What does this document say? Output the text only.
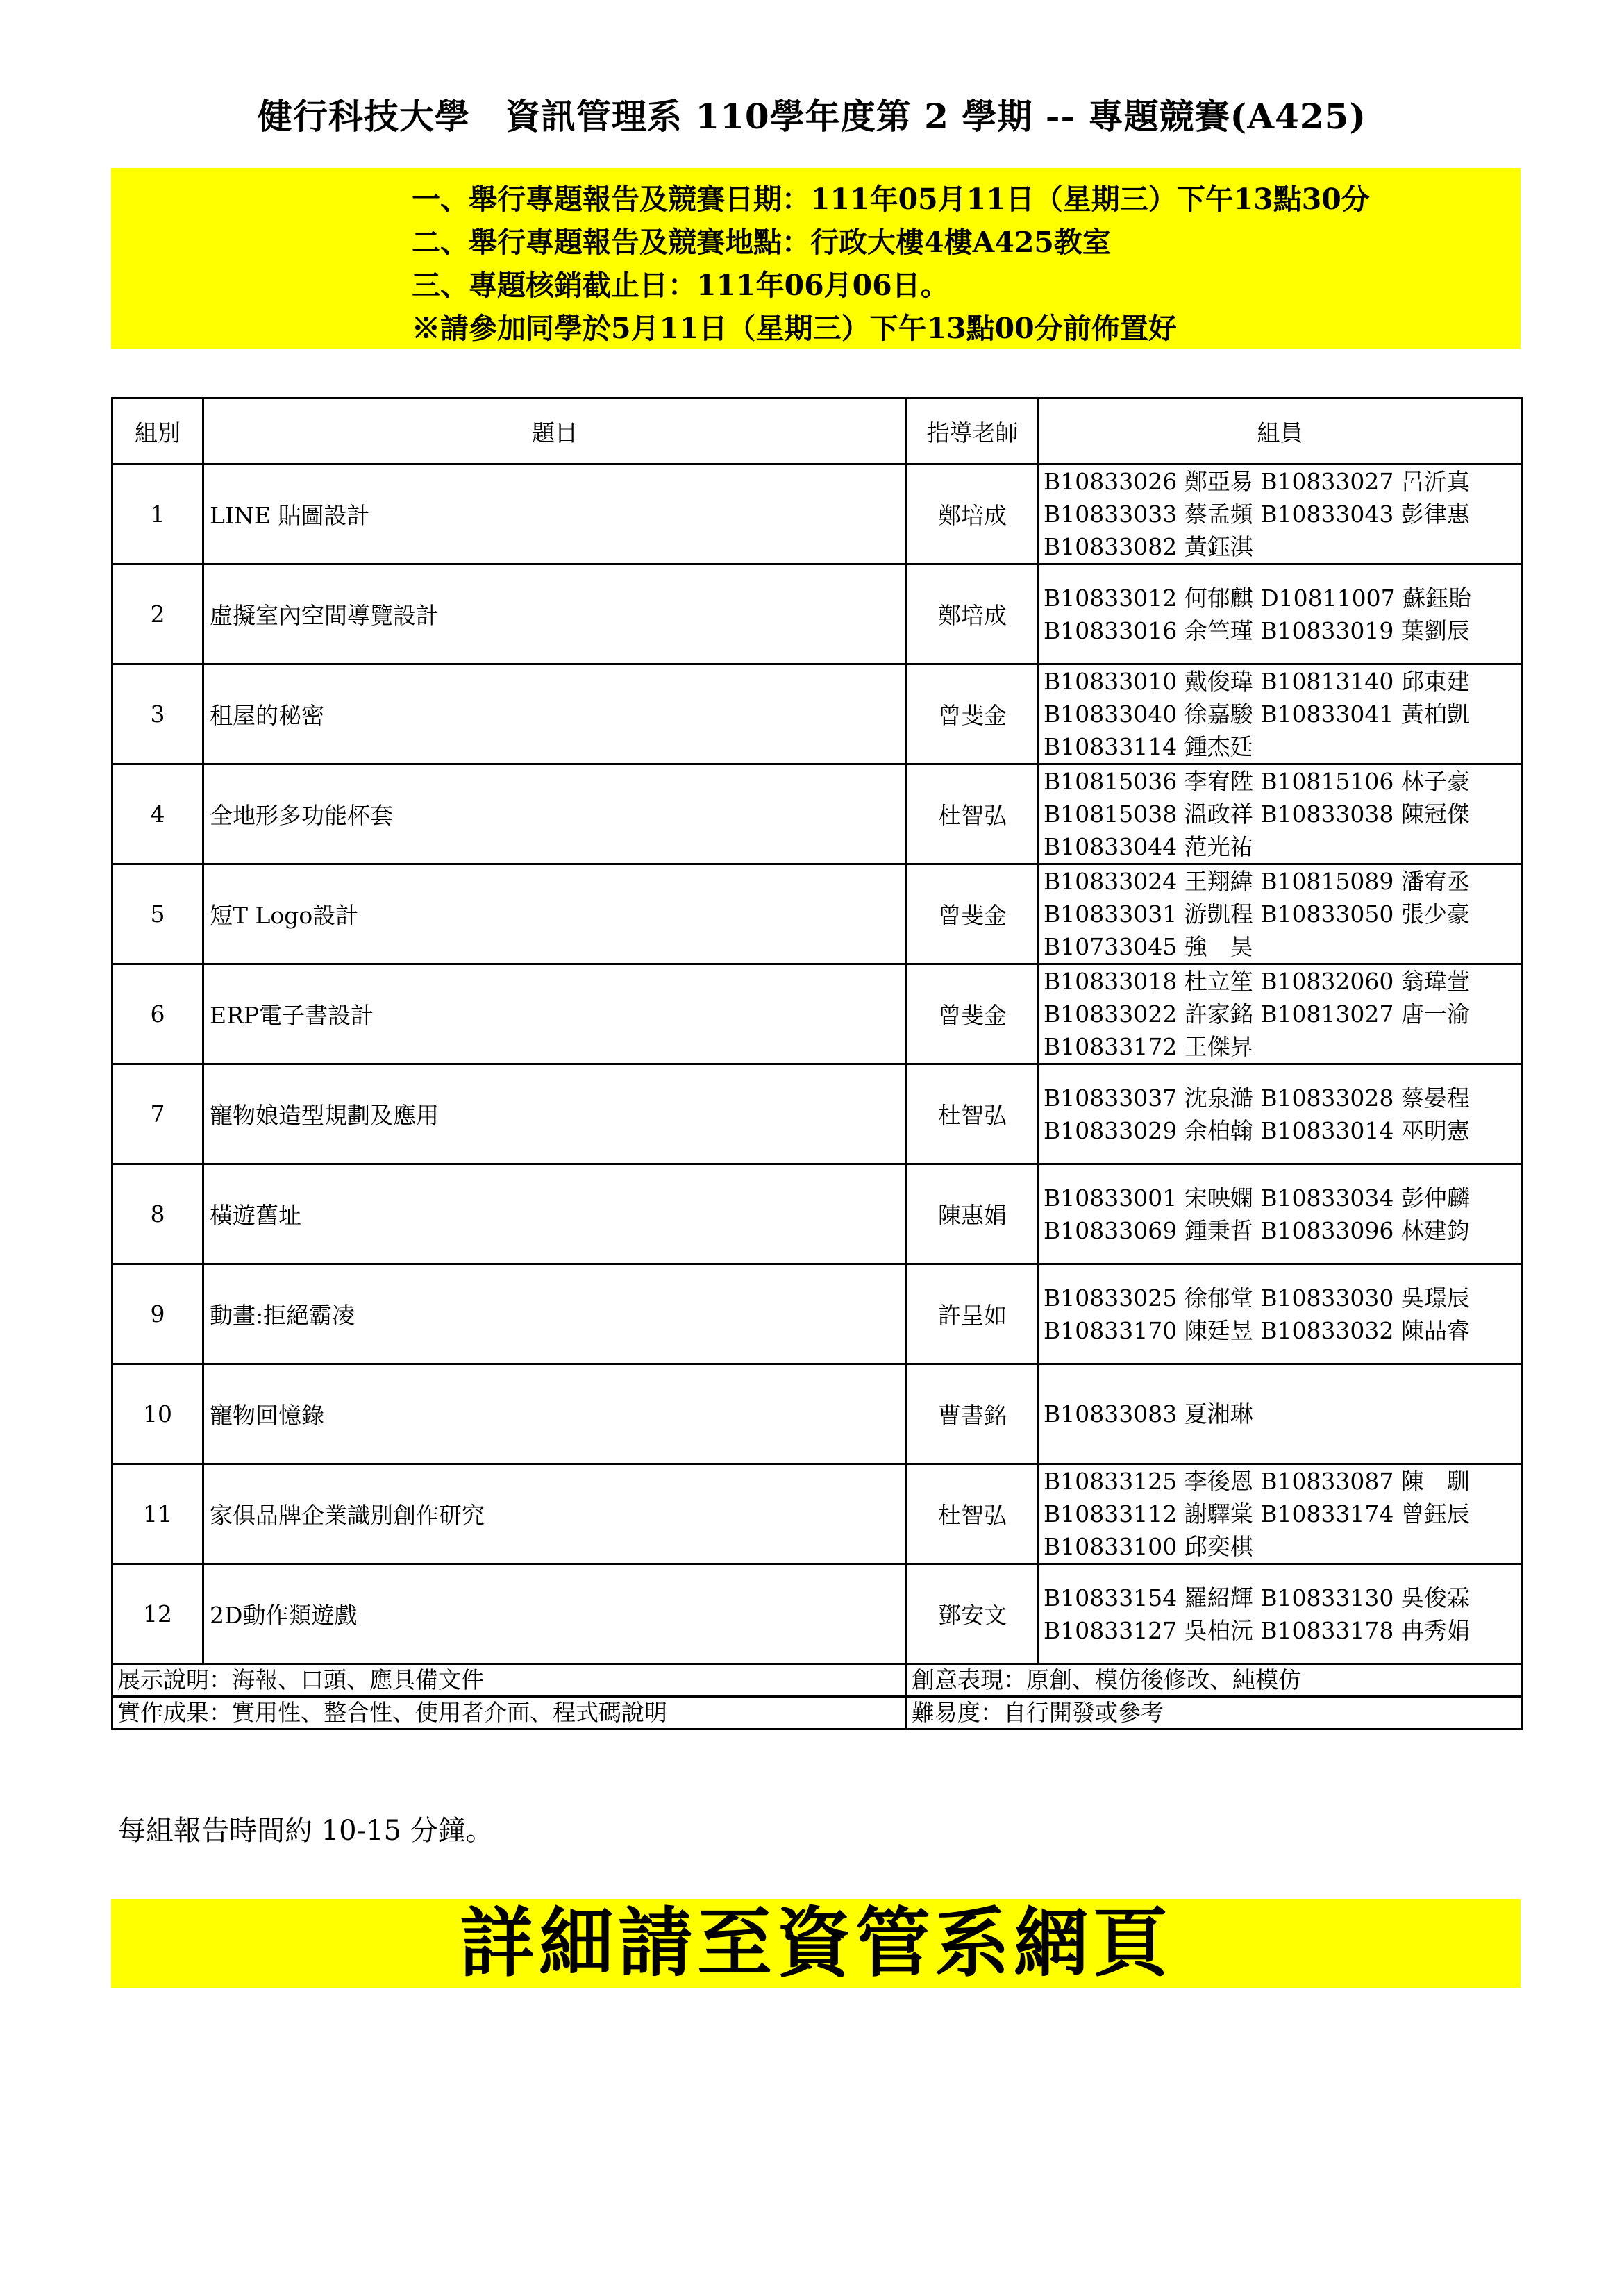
健行科技大學　資訊管理系 110學年度第 2 學期 -- 專題競賽(A425)
一、舉行專題報告及競賽日期：111年05月11日（星期三）下午13點30分
二、舉行專題報告及競賽地點：行政大樓4樓A425教室
三、專題核銷截止日：111年06月06日。
※請參加同學於5月11日（星期三）下午13點00分前佈置好
組別	題目	指導老師	組員
1	LINE 貼圖設計	鄭培成	B10833026 鄭亞易 B10833027 呂沂真
B10833033 蔡孟頻 B10833043 彭律惠
B10833082 黃鈺淇

2	虛擬室內空間導覽設計	鄭培成	B10833012 何郁麒 D10811007 蘇鈺貽
B10833016 余竺瑾 B10833019 葉劉辰

3	租屋的秘密	曾斐金	B10833010 戴俊瑋 B10813140 邱東建
B10833040 徐嘉駿 B10833041 黃柏凱
B10833114 鍾杰廷

4	全地形多功能杯套	杜智弘	B10815036 李宥陞 B10815106 林子豪
B10815038 溫政祥 B10833038 陳冠傑
B10833044 范光祐

5	短T Logo設計	曾斐金	B10833024 王翔緯 B10815089 潘宥丞
B10833031 游凱程 B10833050 張少豪
B10733045 強　昊

6	ERP電子書設計	曾斐金	B10833018 杜立笙 B10832060 翁瑋萱
B10833022 許家銘 B10813027 唐一渝
B10833172 王傑昇

7	寵物娘造型規劃及應用	杜智弘	B10833037 沈泉澔 B10833028 蔡晏程
B10833029 余柏翰 B10833014 巫明憲

8	橫遊舊址	陳惠娟	B10833001 宋映嫻 B10833034 彭仲麟
B10833069 鍾秉哲 B10833096 林建鈞

9	動畫:拒絕霸凌	許呈如	B10833025 徐郁堂 B10833030 吳璟辰
B10833170 陳廷昱 B10833032 陳品睿

10	寵物回憶錄	曹書銘	B10833083 夏湘琳

11	家俱品牌企業識別創作研究	杜智弘	B10833125 李後恩 B10833087 陳　馴
B10833112 謝驛棠 B10833174 曾鈺辰
B10833100 邱奕棋

12	2D動作類遊戲	鄧安文	B10833154 羅紹輝 B10833130 吳俊霖
B10833127 吳柏沅 B10833178 冉秀娟
展示說明：海報、口頭、應具備文件	創意表現：原創、模仿後修改、純模仿
實作成果：實用性、整合性、使用者介面、程式碼說明	難易度：自行開發或參考
每組報告時間約 10-15 分鐘。
詳細請至資管系網頁
